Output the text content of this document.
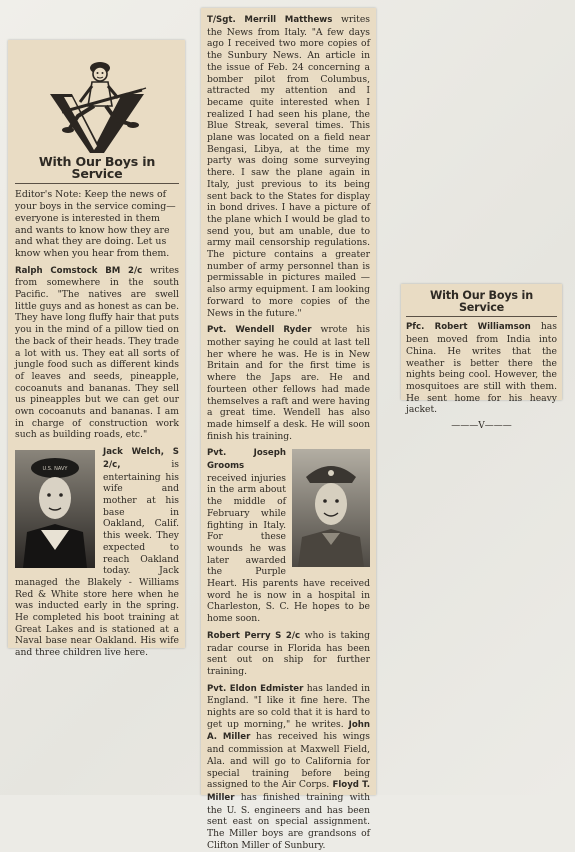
With Our Boys in Service

Editor's Note: Keep the news of your boys in the service coming—everyone is interested in them and wants to know how they are and what they are doing. Let us know when you hear from them.

Ralph Comstock BM 2/c writes from somewhere in the south Pacific. "The natives are swell little guys and as honest as can be. They have long fluffy hair that puts you in the mind of a pillow tied on the back of their heads. They trade a lot with us. They eat all sorts of jungle food such as different kinds of leaves and seeds, pineapple, cocoanuts and bananas. They sell us pineapples but we can get our own cocoanuts and bananas. I am in charge of construction work such as building roads, etc."

U.S. NAVY
Jack Welch, S 2/c,	is entertaining his wife and mother at his base in Oakland, Calif. this week. They expected to reach Oakland today. Jack managed the Blakely - Williams Red & White store here when he was inducted early in the spring. He completed his boot training at Great Lakes and is stationed at a Naval base near Oakland. His wife and three children live here.

T/Sgt. Merrill Matthews writes the News from Italy. "A few days ago I received two more copies of the Sunbury News. An article in the issue of Feb. 24 concerning a bomber pilot from Columbus, attracted my attention and I became quite interested when I realized I had seen his plane, the Blue Streak, several times. This plane was located on a field near Bengasi, Libya, at the time my party was doing some surveying there. I saw the plane again in Italy, just previous to its being sent back to the States for display in bond drives. I have a picture of the plane which I would be glad to send you, but am unable, due to army mail censorship regulations. The picture contains a greater number of army personnel than is permissable in pictures mailed — also army equipment. I am looking forward to more copies of the News in the future."

Pvt. Wendell Ryder wrote his mother saying he could at last tell her where he was. He is in New Britain and for the first time is where the Japs are. He and fourteen other fellows had made themselves a raft and were having a great time. Wendell has also made himself a desk. He will soon finish his training.

Pvt. Joseph Grooms received injuries in the arm about the middle of February while fighting in Italy. For these wounds he was later awarded the Purple Heart. His parents have received word he is now in a hospital in Charleston, S. C. He hopes to be home soon.

Robert Perry S 2/c who is taking radar course in Florida has been sent out on ship for further training.

Pvt. Eldon Edmister has landed in England. "I like it fine here. The nights are so cold that it is hard to get up morning," he writes. John A. Miller has received his wings and commission at Maxwell Field, Ala. and will go to California for special training before being assigned to the Air Corps. Floyd T. Miller has finished training with the U. S. engineers and has been sent east on special assignment. The Miller boys are grandsons of Clifton Miller of Sunbury.

With Our Boys in Service

Pfc. Robert Williamson has been moved from India into China. He writes that the weather is better there the nights being cool. However, the mosquitoes are still with them. He sent home for his heavy jacket.

———V———
